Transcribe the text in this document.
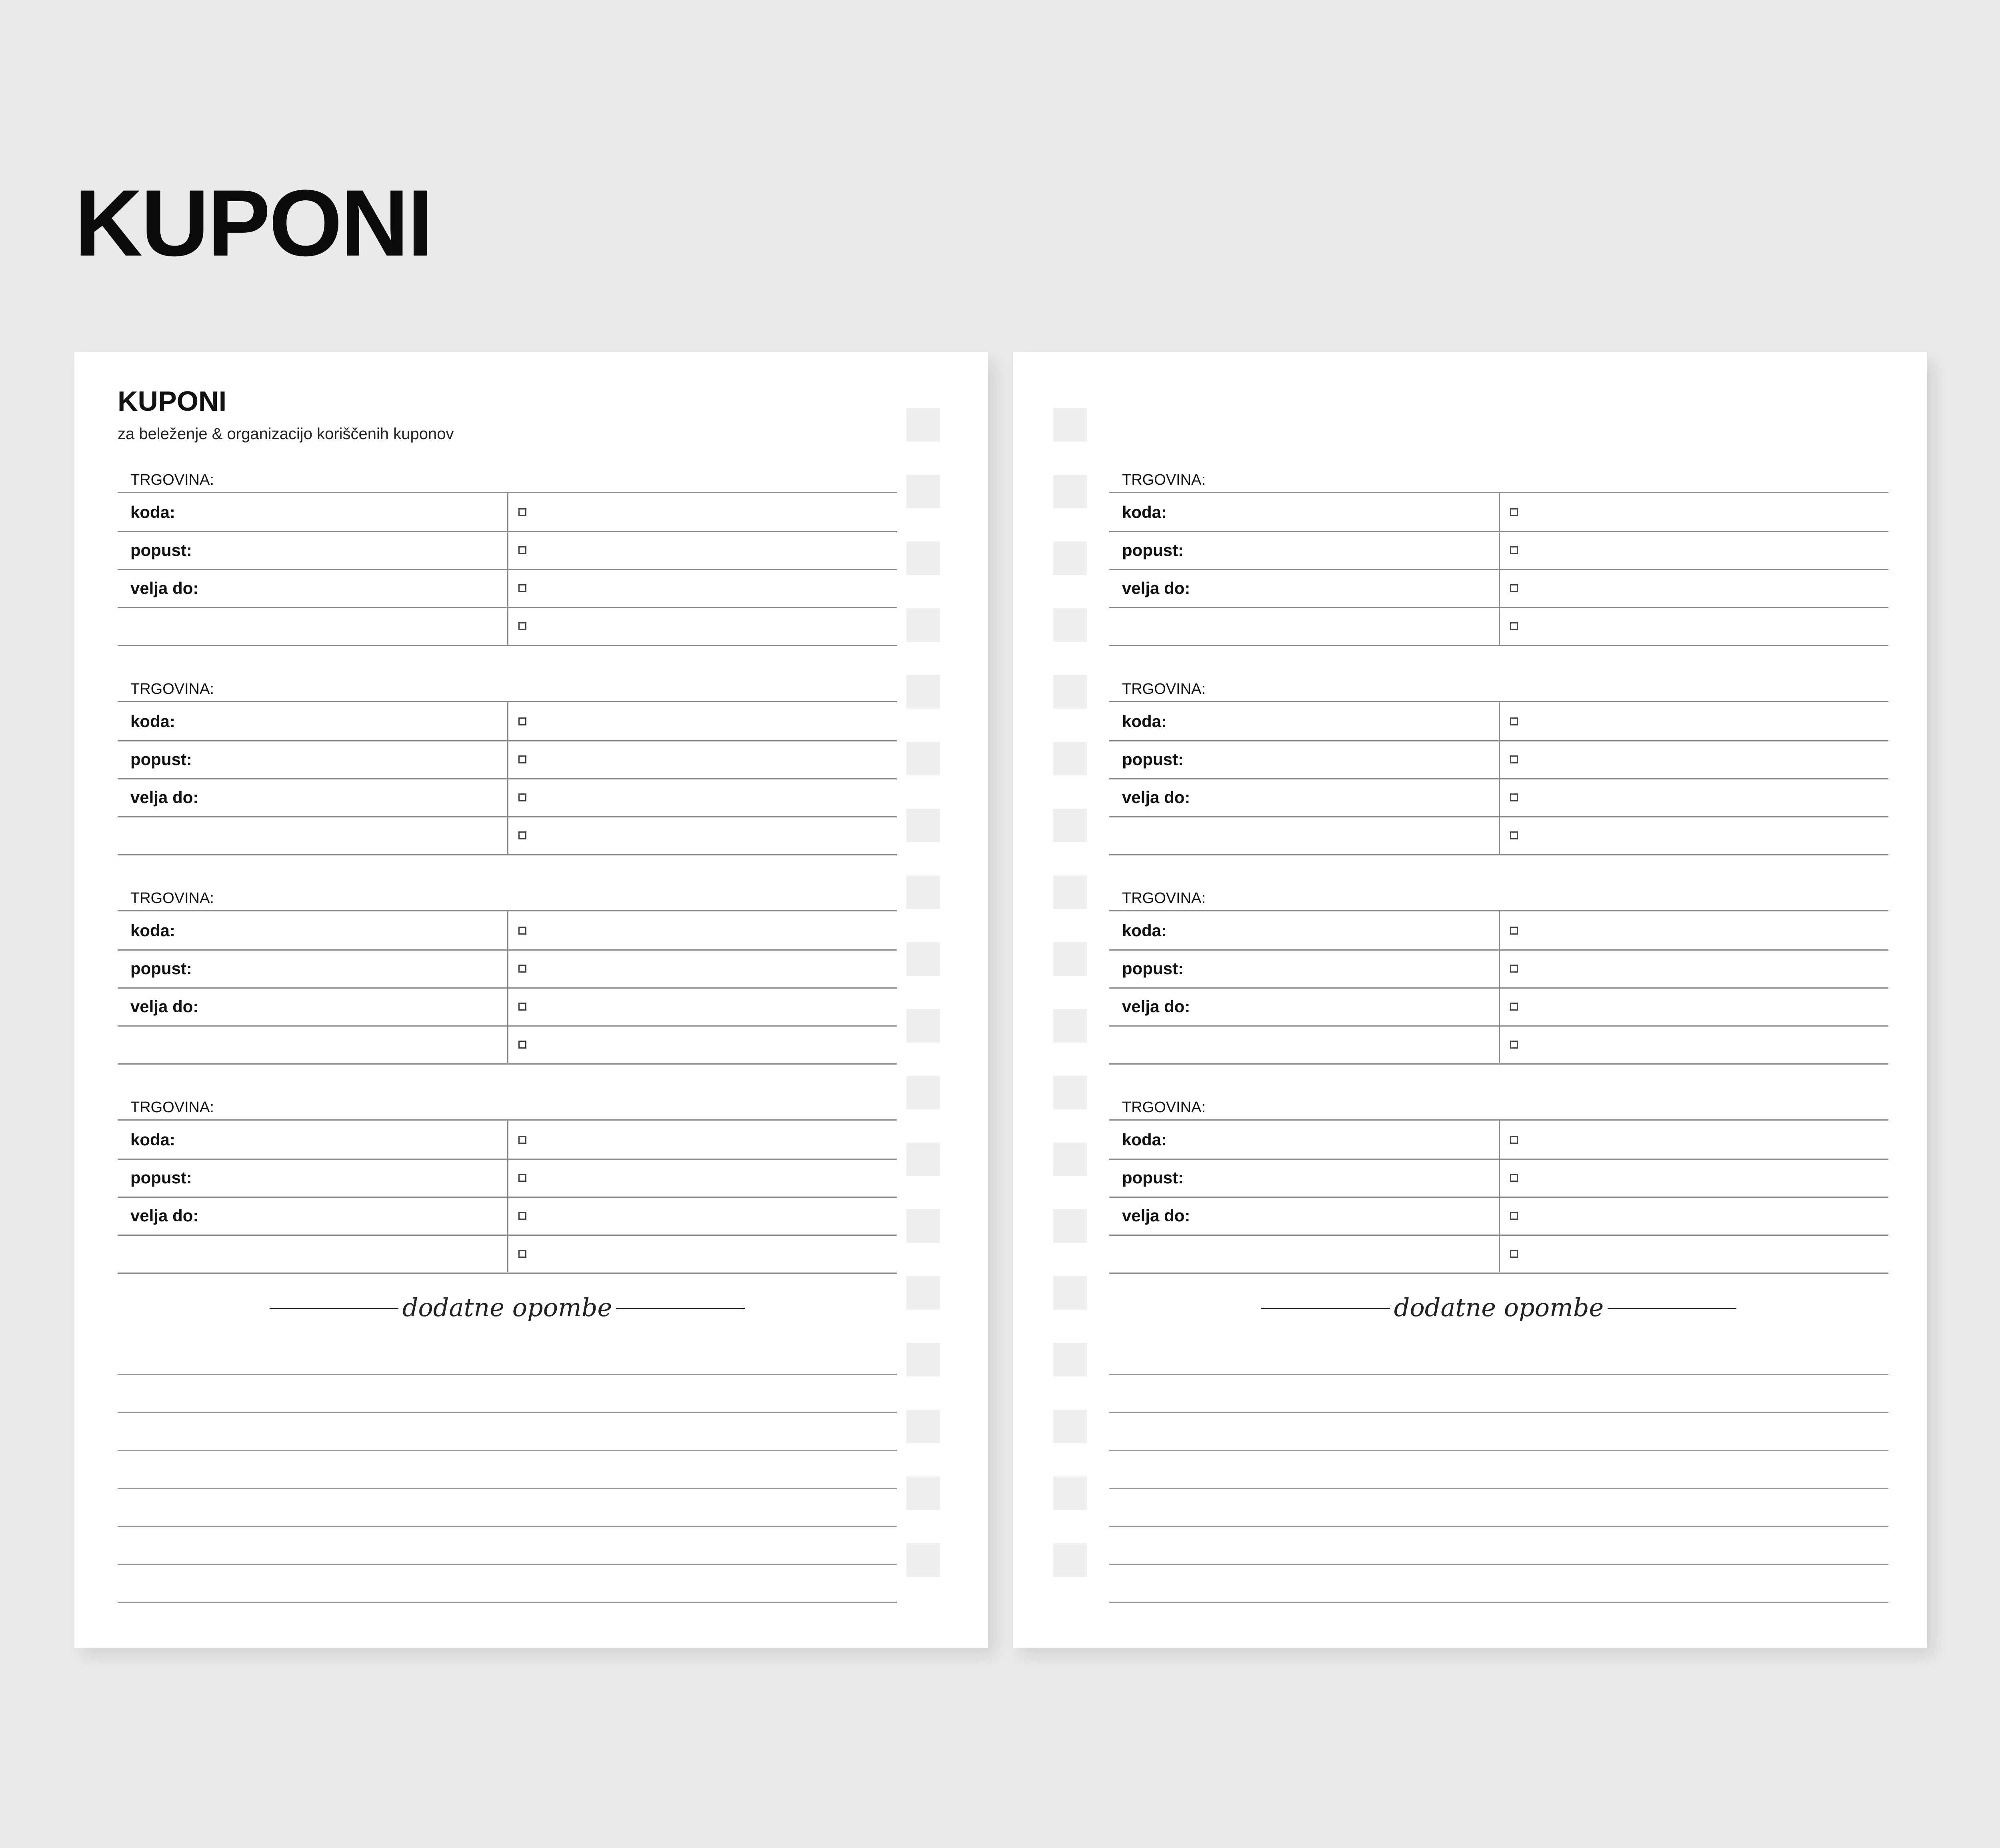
KUPONI
KUPONI
za beleženje & organizacijo koriščenih kuponov
TRGOVINA:
koda:
popust:
velja do:
TRGOVINA:
koda:
popust:
velja do:
TRGOVINA:
koda:
popust:
velja do:
TRGOVINA:
koda:
popust:
velja do:
dodatne opombe
TRGOVINA:
koda:
popust:
velja do:
TRGOVINA:
koda:
popust:
velja do:
TRGOVINA:
koda:
popust:
velja do:
TRGOVINA:
koda:
popust:
velja do:
dodatne opombe
